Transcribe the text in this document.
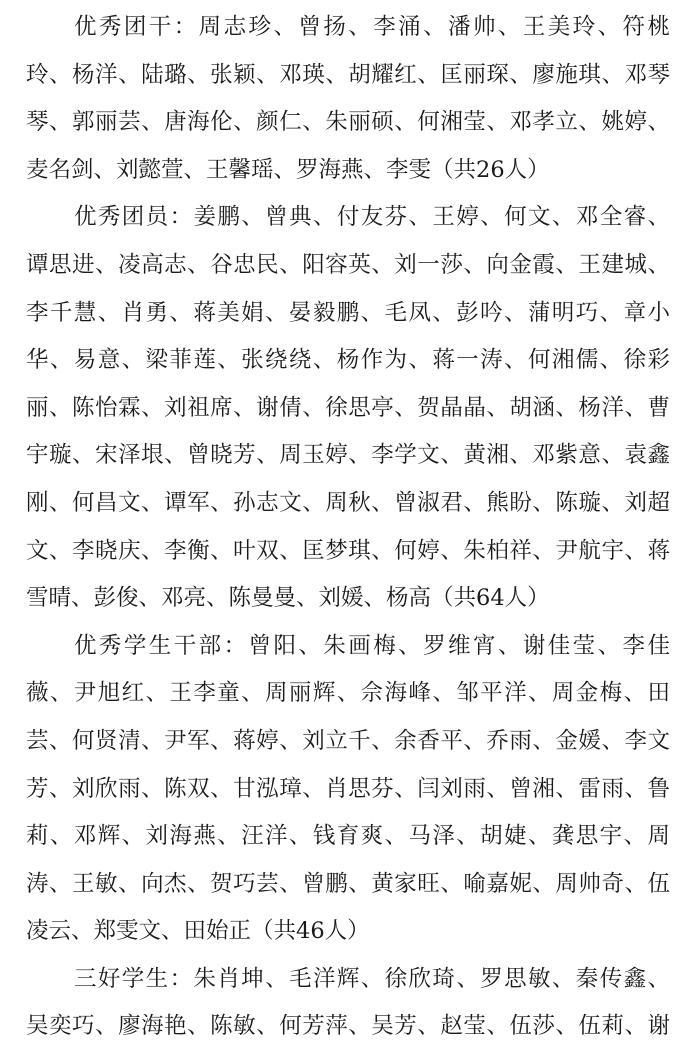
优秀团干：周志珍、曾扬、李涌、潘帅、王美玲、符桃
玲、杨洋、陆璐、张颖、邓瑛、胡耀红、匡丽琛、廖施琪、邓琴
琴、郭丽芸、唐海伦、颜仁、朱丽硕、何湘莹、邓孝立、姚婷、
麦名剑、刘懿萱、王馨瑶、罗海燕、李雯（共26人）
优秀团员：姜鹏、曾典、付友芬、王婷、何文、邓全睿、
谭思进、凌高志、谷忠民、阳容英、刘一莎、向金霞、王建城、
李千慧、肖勇、蒋美娟、晏毅鹏、毛凤、彭吟、蒲明巧、章小
华、易意、梁菲莲、张绕绕、杨作为、蒋一涛、何湘儒、徐彩
丽、陈怡霖、刘祖席、谢倩、徐思亭、贺晶晶、胡涵、杨洋、曹
宇璇、宋泽垠、曾晓芳、周玉婷、李学文、黄湘、邓紫意、袁鑫
刚、何昌文、谭军、孙志文、周秋、曾淑君、熊盼、陈璇、刘超
文、李晓庆、李衡、叶双、匡梦琪、何婷、朱柏祥、尹航宇、蒋
雪晴、彭俊、邓亮、陈曼曼、刘媛、杨高（共64人）
优秀学生干部：曾阳、朱画梅、罗维宵、谢佳莹、李佳
薇、尹旭红、王李童、周丽辉、佘海峰、邹平洋、周金梅、田
芸、何贤清、尹军、蒋婷、刘立千、余香平、乔雨、金媛、李文
芳、刘欣雨、陈双、甘泓璋、肖思芬、闫刘雨、曾湘、雷雨、鲁
莉、邓辉、刘海燕、汪洋、钱育爽、马泽、胡婕、龚思宇、周
涛、王敏、向杰、贺巧芸、曾鹏、黄家旺、喻嘉妮、周帅奇、伍
凌云、郑雯文、田始正（共46人）
三好学生：朱肖坤、毛洋辉、徐欣琦、罗思敏、秦传鑫、
吴奕巧、廖海艳、陈敏、何芳萍、吴芳、赵莹、伍莎、伍莉、谢
